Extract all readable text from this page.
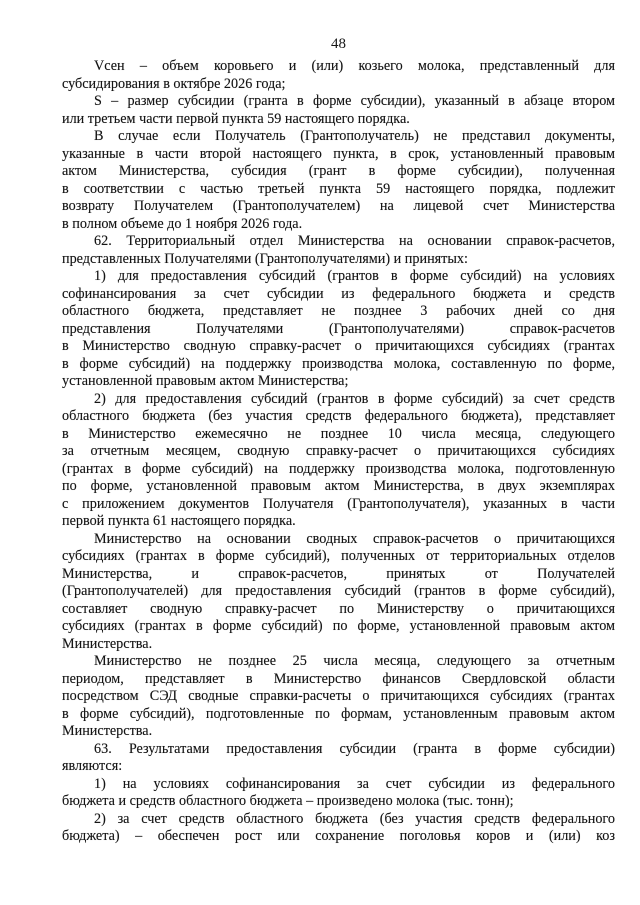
48
Vсен – объем коровьего и (или) козьего молока, представленный для
субсидирования в октябре 2026 года;
S – размер субсидии (гранта в форме субсидии), указанный в абзаце втором
или третьем части первой пункта 59 настоящего порядка.
В случае если Получатель (Грантополучатель) не представил документы,
указанные в части второй настоящего пункта, в срок, установленный правовым
актом Министерства, субсидия (грант в форме субсидии), полученная
в соответствии с частью третьей пункта 59 настоящего порядка, подлежит
возврату Получателем (Грантополучателем) на лицевой счет Министерства
в полном объеме до 1 ноября 2026 года.
62. Территориальный отдел Министерства на основании справок-расчетов,
представленных Получателями (Грантополучателями) и принятых:
1) для предоставления субсидий (грантов в форме субсидий) на условиях
софинансирования за счет субсидии из федерального бюджета и средств
областного бюджета, представляет не позднее 3 рабочих дней со дня
представления Получателями (Грантополучателями) справок-расчетов
в Министерство сводную справку-расчет о причитающихся субсидиях (грантах
в форме субсидий) на поддержку производства молока, составленную по форме,
установленной правовым актом Министерства;
2) для предоставления субсидий (грантов в форме субсидий) за счет средств
областного бюджета (без участия средств федерального бюджета), представляет
в Министерство ежемесячно не позднее 10 числа месяца, следующего
за отчетным месяцем, сводную справку-расчет о причитающихся субсидиях
(грантах в форме субсидий) на поддержку производства молока, подготовленную
по форме, установленной правовым актом Министерства, в двух экземплярах
с приложением документов Получателя (Грантополучателя), указанных в части
первой пункта 61 настоящего порядка.
Министерство на основании сводных справок-расчетов о причитающихся
субсидиях (грантах в форме субсидий), полученных от территориальных отделов
Министерства, и справок-расчетов, принятых от Получателей
(Грантополучателей) для предоставления субсидий (грантов в форме субсидий),
составляет сводную справку-расчет по Министерству о причитающихся
субсидиях (грантах в форме субсидий) по форме, установленной правовым актом
Министерства.
Министерство не позднее 25 числа месяца, следующего за отчетным
периодом, представляет в Министерство финансов Свердловской области
посредством СЭД сводные справки-расчеты о причитающихся субсидиях (грантах
в форме субсидий), подготовленные по формам, установленным правовым актом
Министерства.
63. Результатами предоставления субсидии (гранта в форме субсидии)
являются:
1) на условиях софинансирования за счет субсидии из федерального
бюджета и средств областного бюджета – произведено молока (тыс. тонн);
2) за счет средств областного бюджета (без участия средств федерального
бюджета) – обеспечен рост или сохранение поголовья коров и (или) коз
